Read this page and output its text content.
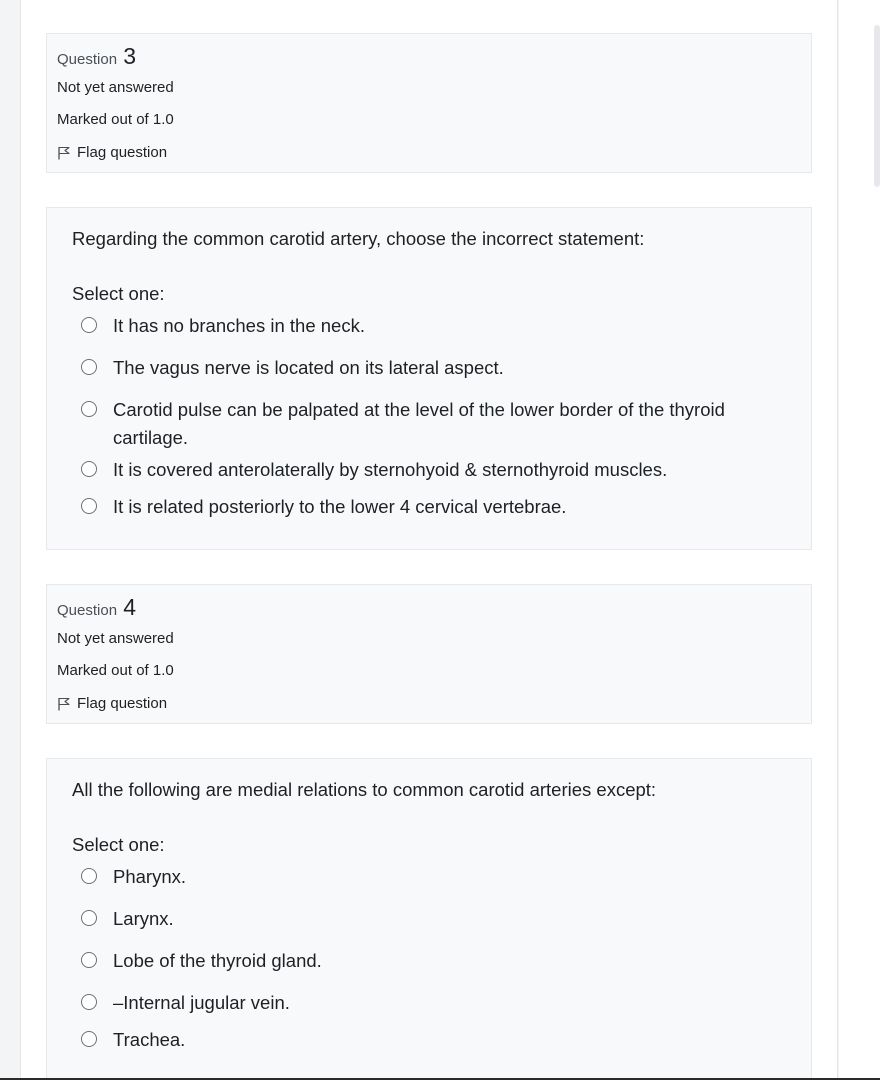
Question 3
Not yet answered
Marked out of 1.0
Flag question
Regarding the common carotid artery, choose the incorrect statement:
Select one:
It has no branches in the neck.
The vagus nerve is located on its lateral aspect.
Carotid pulse can be palpated at the level of the lower border of the thyroid cartilage.
It is covered anterolaterally by sternohyoid & sternothyroid muscles.
It is related posteriorly to the lower 4 cervical vertebrae.
Question 4
Not yet answered
Marked out of 1.0
Flag question
All the following are medial relations to common carotid arteries except:
Select one:
Pharynx.
Larynx.
Lobe of the thyroid gland.
–Internal jugular vein.
Trachea.
